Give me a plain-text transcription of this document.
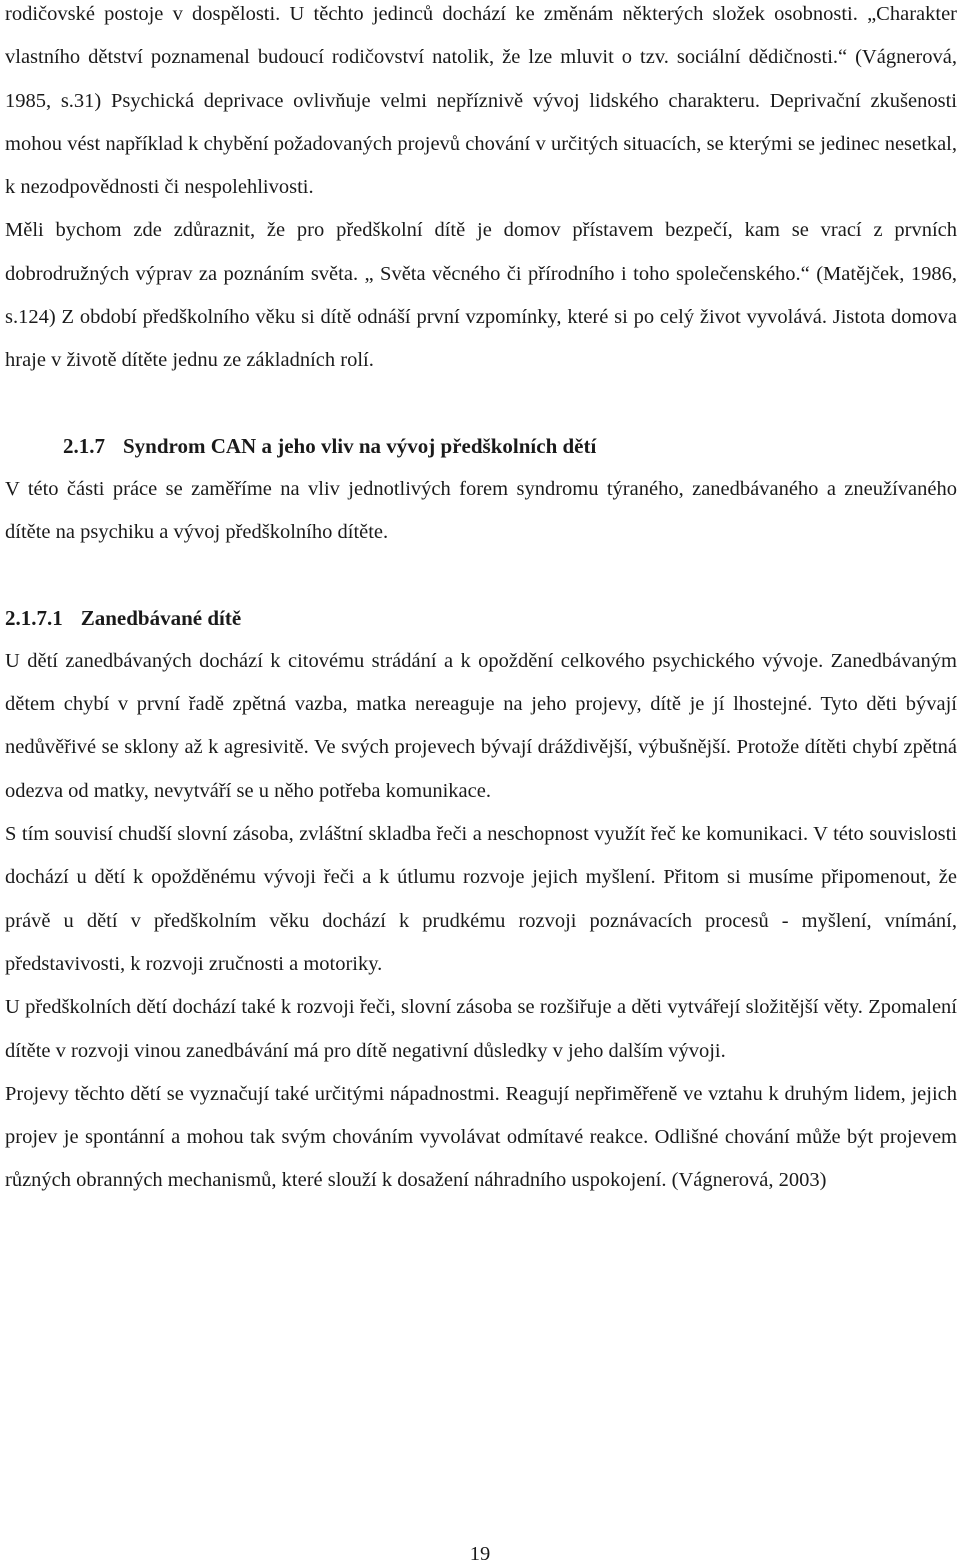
rodičovské postoje v dospělosti. U těchto jedinců dochází ke změnám některých složek osobnosti. „Charakter vlastního dětství poznamenal budoucí rodičovství natolik, že lze mluvit o tzv. sociální dědičnosti.“ (Vágnerová, 1985, s.31) Psychická deprivace ovlivňuje velmi nepříznivě vývoj lidského charakteru. Deprivační zkušenosti mohou vést například k chybění požadovaných projevů chování v určitých situacích, se kterými se jedinec nesetkal, k nezodpovědnosti či nespolehlivosti.

Měli bychom zde zdůraznit, že pro předškolní dítě je domov přístavem bezpečí, kam se vrací z prvních dobrodružných výprav za poznáním světa. „ Světa věcného či přírodního i toho společenského.“ (Matějček, 1986, s.124) Z období předškolního věku si dítě odnáší první vzpomínky, které si po celý život vyvolává. Jistota domova hraje v životě dítěte jednu ze základních rolí.

2.1.7 Syndrom CAN a jeho vliv na vývoj předškolních dětí

V této části práce se zaměříme na vliv jednotlivých forem syndromu týraného, zanedbávaného a zneužívaného dítěte na psychiku a vývoj předškolního dítěte.

2.1.7.1 Zanedbávané dítě

U dětí zanedbávaných dochází k citovému strádání a k opoždění celkového psychického vývoje. Zanedbávaným dětem chybí v první řadě zpětná vazba, matka nereaguje na jeho projevy, dítě je jí lhostejné. Tyto děti bývají nedůvěřivé se sklony až k agresivitě. Ve svých projevech bývají dráždivější, výbušnější. Protože dítěti chybí zpětná odezva od matky, nevytváří se u něho potřeba komunikace.

S tím souvisí chudší slovní zásoba, zvláštní skladba řeči a neschopnost využít řeč ke komunikaci. V této souvislosti dochází u dětí k opožděnému vývoji řeči a k útlumu rozvoje jejich myšlení. Přitom si musíme připomenout, že právě u dětí v předškolním věku dochází k prudkému rozvoji poznávacích procesů - myšlení, vnímání, představivosti, k rozvoji zručnosti a motoriky.

U předškolních dětí dochází také k rozvoji řeči, slovní zásoba se rozšiřuje a děti vytvářejí složitější věty. Zpomalení dítěte v rozvoji vinou zanedbávání má pro dítě negativní důsledky v jeho dalším vývoji.

Projevy těchto dětí se vyznačují také určitými nápadnostmi. Reagují nepřiměřeně ve vztahu k druhým lidem, jejich projev je spontánní a mohou tak svým chováním vyvolávat odmítavé reakce. Odlišné chování může být projevem různých obranných mechanismů, které slouží k dosažení náhradního uspokojení. (Vágnerová, 2003)

19
